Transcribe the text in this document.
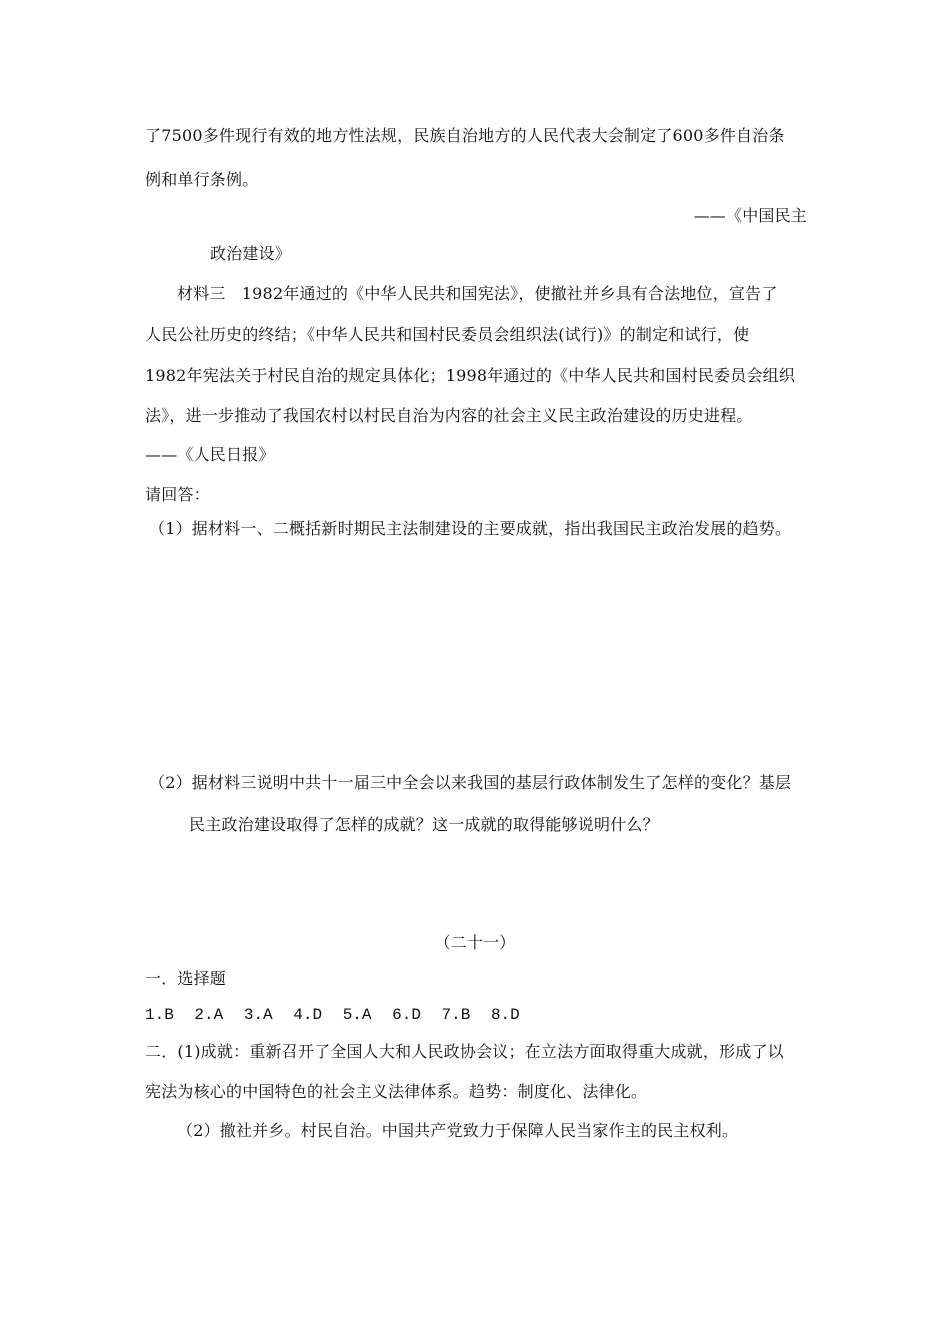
了7500多件现行有效的地方性法规，民族自治地方的人民代表大会制定了600多件自治条
例和单行条例。
——《中国民主
政治建设》
材料三　1982年通过的《中华人民共和国宪法》，使撤社并乡具有合法地位，宣告了
人民公社历史的终结；《中华人民共和国村民委员会组织法(试行)》的制定和试行，使
1982年宪法关于村民自治的规定具体化；1998年通过的《中华人民共和国村民委员会组织
法》，进一步推动了我国农村以村民自治为内容的社会主义民主政治建设的历史进程。
——《人民日报》
请回答：
（1）据材料一、二概括新时期民主法制建设的主要成就，指出我国民主政治发展的趋势。
（2）据材料三说明中共十一届三中全会以来我国的基层行政体制发生了怎样的变化？基层
民主政治建设取得了怎样的成就？这一成就的取得能够说明什么？
（二十一）
一．选择题
1.B 2.A 3.A 4.D 5.A 6.D 7.B 8.D
二．(1)成就：重新召开了全国人大和人民政协会议；在立法方面取得重大成就，形成了以
宪法为核心的中国特色的社会主义法律体系。趋势：制度化、法律化。
（2）撤社并乡。村民自治。中国共产党致力于保障人民当家作主的民主权利。
